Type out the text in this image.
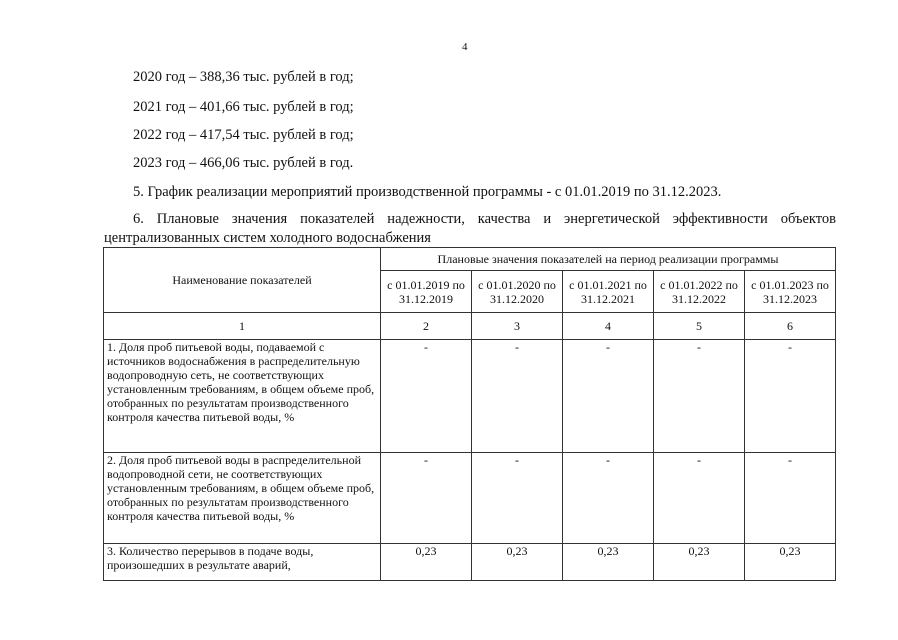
4
2020 год – 388,36 тыс. рублей в год;
2021 год – 401,66 тыс. рублей в год;
2022 год – 417,54 тыс. рублей в год;
2023 год – 466,06 тыс. рублей в год.
5. График реализации мероприятий производственной программы - с 01.01.2019 по 31.12.2023.
6. Плановые значения показателей надежности, качества и энергетической эффективности объектов централизованных систем холодного водоснабжения
Наименование показателей	Плановые значения показателей на период реализации программы				
	с 01.01.2019 по 31.12.2019	с 01.01.2020 по 31.12.2020	с 01.01.2021 по 31.12.2021	с 01.01.2022 по 31.12.2022	с 01.01.2023 по 31.12.2023
1	2	3	4	5	6
1. Доля проб питьевой воды, подаваемой с источников водоснабжения в распределительную водопроводную сеть, не соответствующих установленным требованиям, в общем объеме проб, отобранных по результатам производственного контроля качества питьевой воды, %	-	-	-	-	-
2. Доля проб питьевой воды в распределительной водопроводной сети, не соответствующих установленным требованиям, в общем объеме проб, отобранных по результатам производственного контроля качества питьевой воды, %	-	-	-	-	-
3. Количество перерывов в подаче воды, произошедших в результате аварий,	0,23	0,23	0,23	0,23	0,23
